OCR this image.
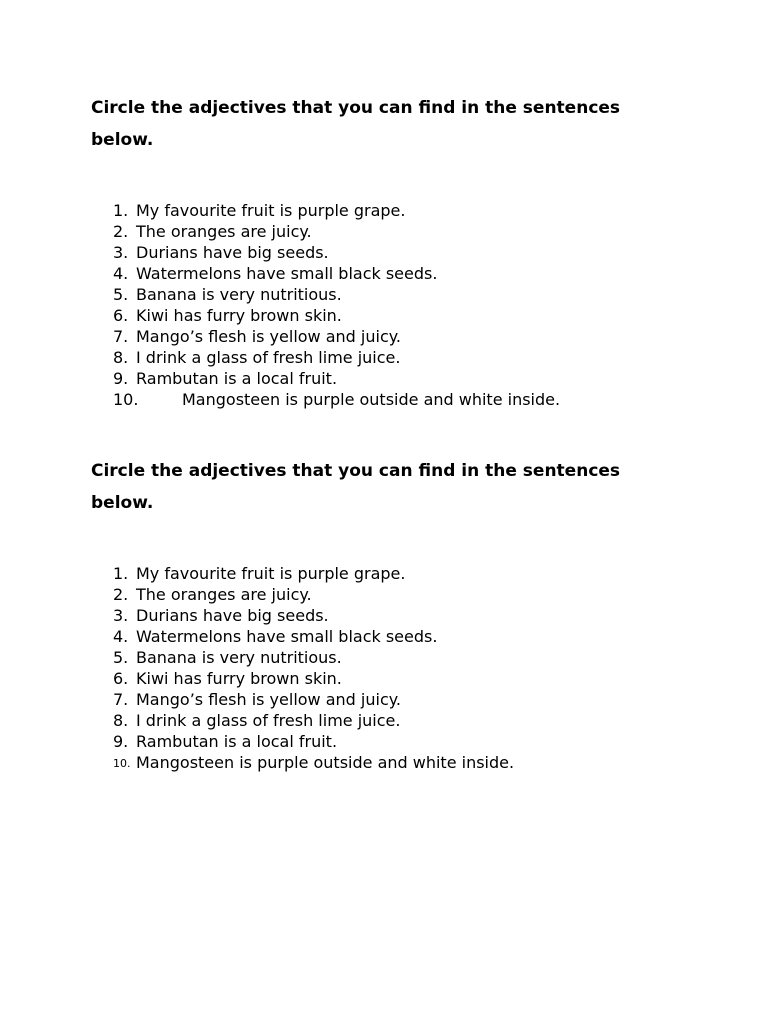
Circle the adjectives that you can find in the sentences below.

1. My favourite fruit is purple grape.
2. The oranges are juicy.
3. Durians have big seeds.
4. Watermelons have small black seeds.
5. Banana is very nutritious.
6. Kiwi has furry brown skin.
7. Mango’s flesh is yellow and juicy.
8. I drink a glass of fresh lime juice.
9. Rambutan is a local fruit.
10.	Mangosteen is purple outside and white inside.

Circle the adjectives that you can find in the sentences below.

1. My favourite fruit is purple grape.
2. The oranges are juicy.
3. Durians have big seeds.
4. Watermelons have small black seeds.
5. Banana is very nutritious.
6. Kiwi has furry brown skin.
7. Mango’s flesh is yellow and juicy.
8. I drink a glass of fresh lime juice.
9. Rambutan is a local fruit.
10. Mangosteen is purple outside and white inside.
